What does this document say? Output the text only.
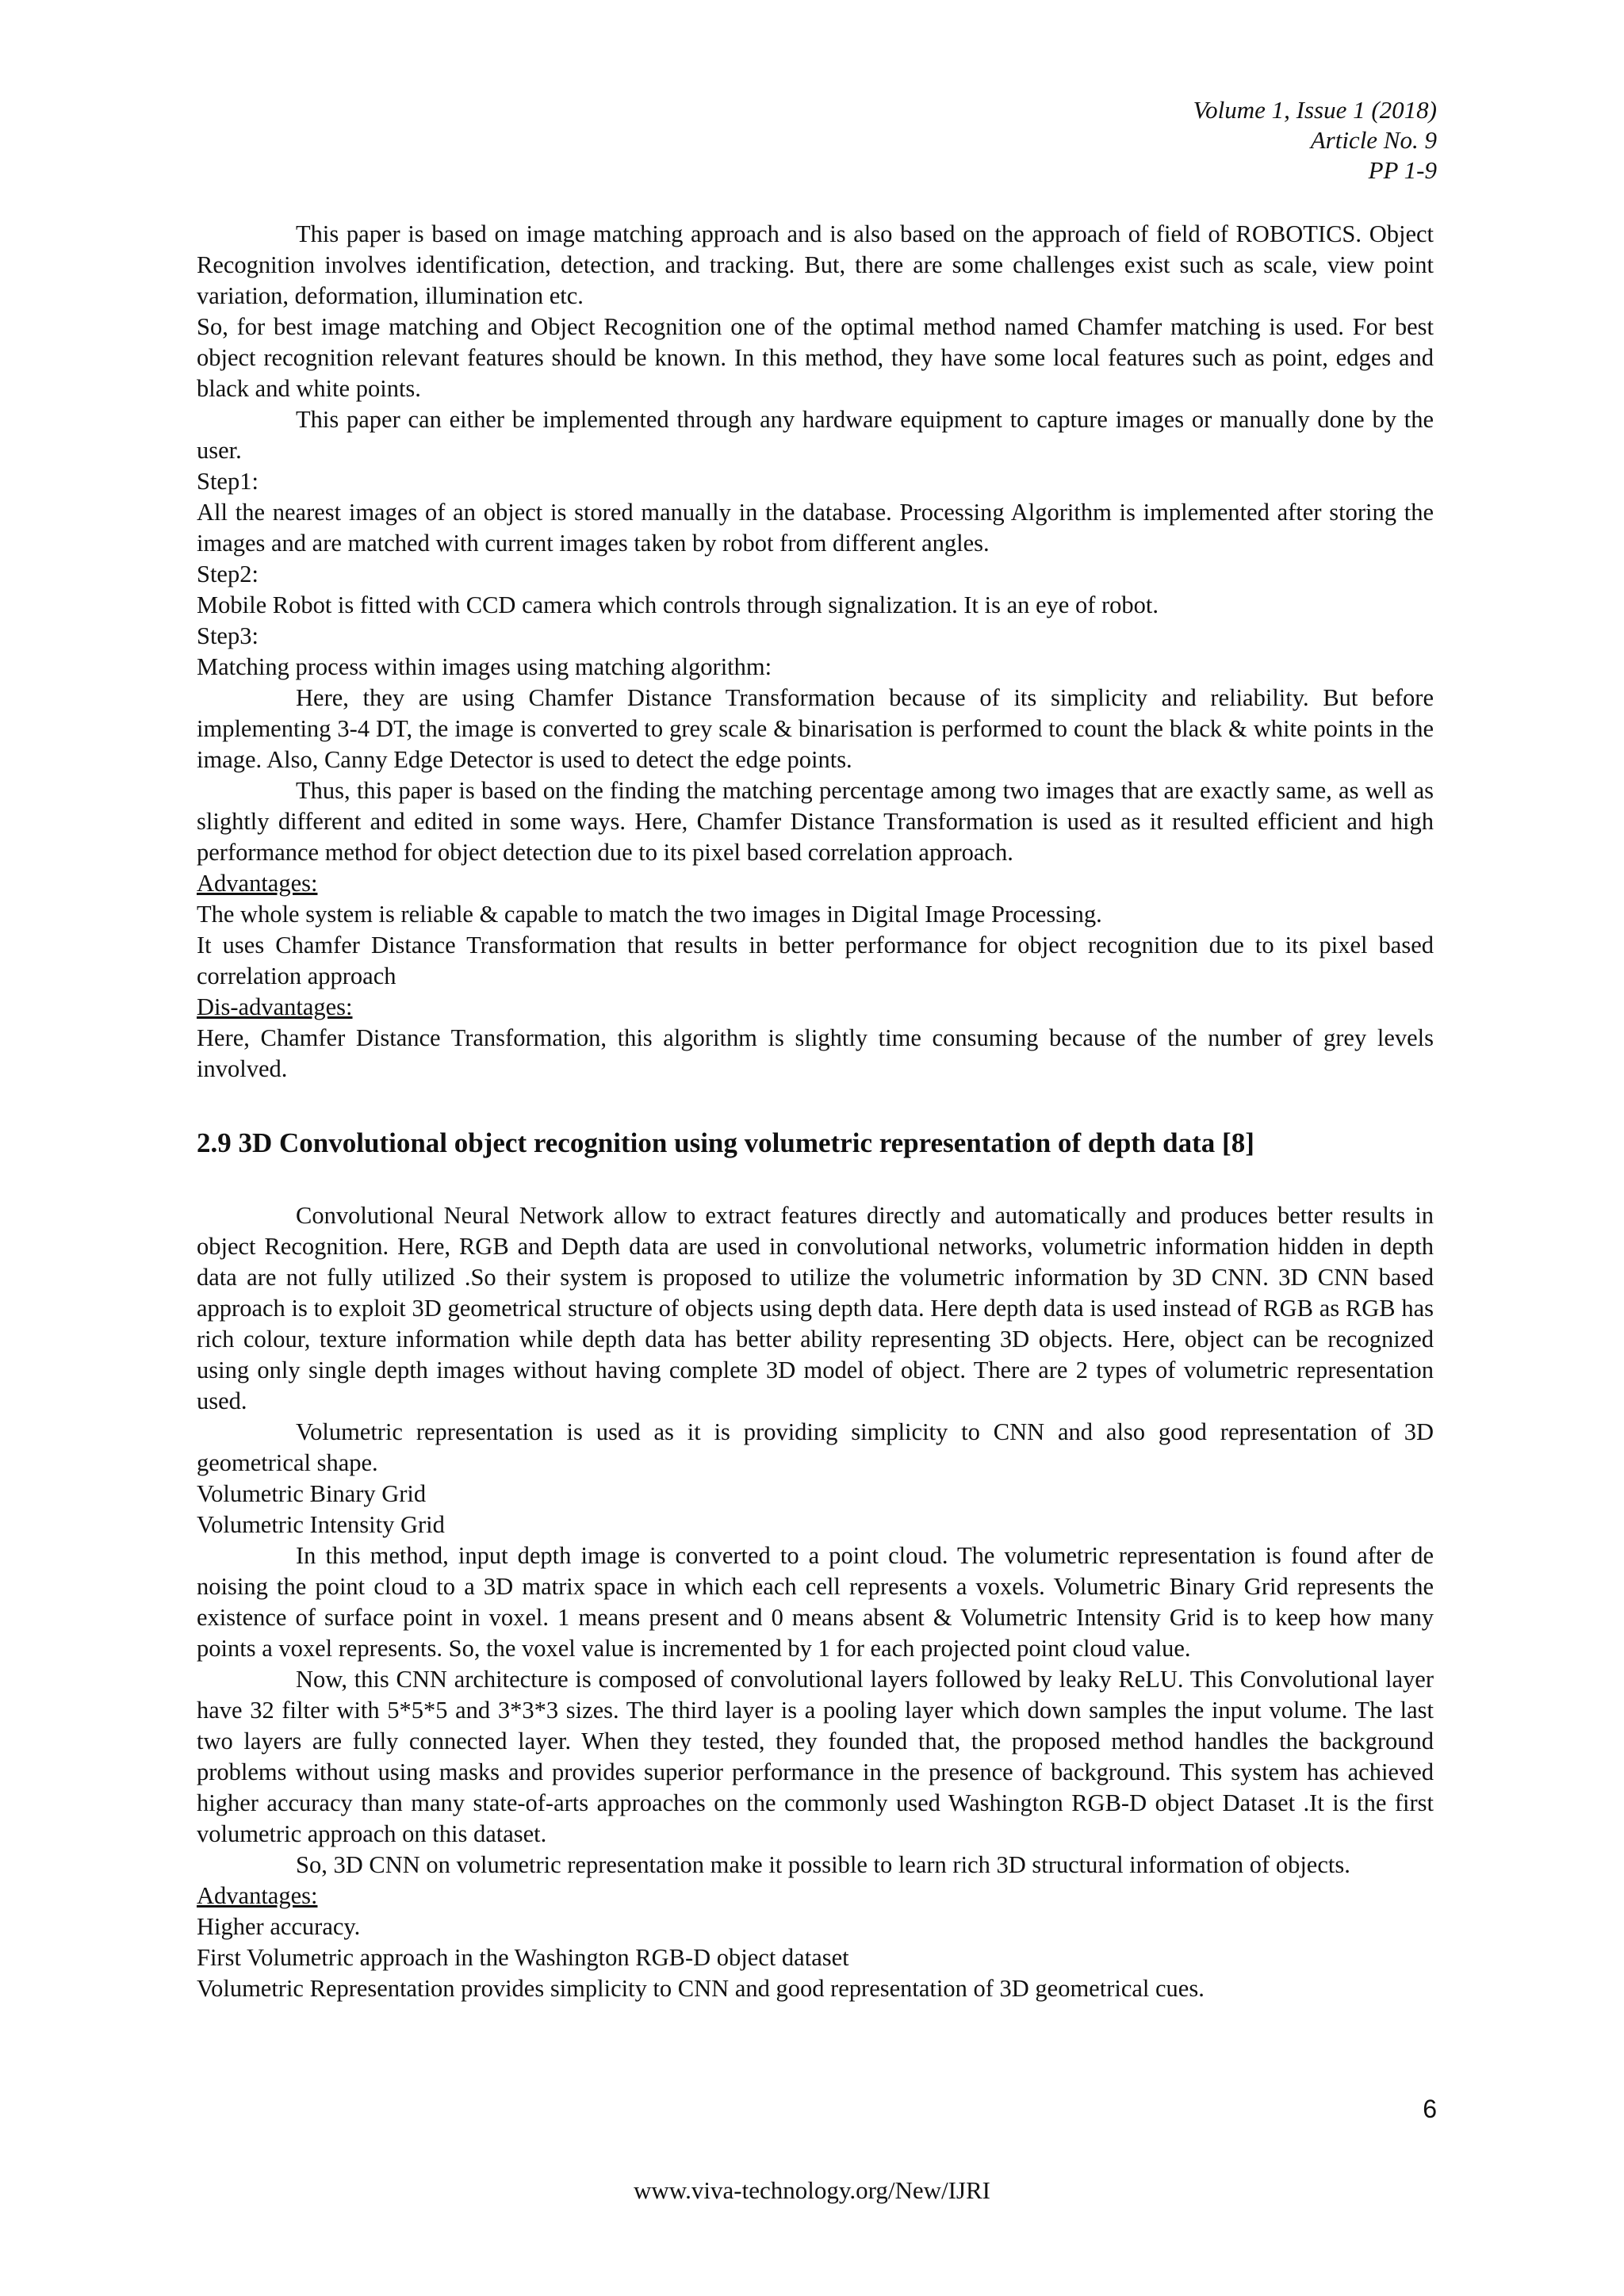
Volume 1, Issue 1 (2018)
Article No. 9
PP 1-9

This paper is based on image matching approach and is also based on the approach of field of ROBOTICS. Object Recognition involves identification, detection, and tracking. But, there are some challenges exist such as scale, view point variation, deformation, illumination etc.

So, for best image matching and Object Recognition one of the optimal method named Chamfer matching is used. For best object recognition relevant features should be known. In this method, they have some local features such as point, edges and black and white points.

This paper can either be implemented through any hardware equipment to capture images or manually done by the user.

Step1:

All the nearest images of an object is stored manually in the database. Processing Algorithm is implemented after storing the images and are matched with current images taken by robot from different angles.

Step2:

Mobile Robot is fitted with CCD camera which controls through signalization. It is an eye of robot.

Step3:

Matching process within images using matching algorithm:

Here, they are using Chamfer Distance Transformation because of its simplicity and reliability. But before implementing 3-4 DT, the image is converted to grey scale & binarisation is performed to count the black & white points in the image. Also, Canny Edge Detector is used to detect the edge points.

Thus, this paper is based on the finding the matching percentage among two images that are exactly same, as well as slightly different and edited in some ways. Here, Chamfer Distance Transformation is used as it resulted efficient and high performance method for object detection due to its pixel based correlation approach.

Advantages:

The whole system is reliable & capable to match the two images in Digital Image Processing.

It uses Chamfer Distance Transformation that results in better performance for object recognition due to its pixel based correlation approach

Dis-advantages:

Here, Chamfer Distance Transformation, this algorithm is slightly time consuming because of the number of grey levels involved.

2.9 3D Convolutional object recognition using volumetric representation of depth data [8]

Convolutional Neural Network allow to extract features directly and automatically and produces better results in object Recognition. Here, RGB and Depth data are used in convolutional networks, volumetric information hidden in depth data are not fully utilized .So their system is proposed to utilize the volumetric information by 3D CNN. 3D CNN based approach is to exploit 3D geometrical structure of objects using depth data. Here depth data is used instead of RGB as RGB has rich colour, texture information while depth data has better ability representing 3D objects. Here, object can be recognized using only single depth images without having complete 3D model of object. There are 2 types of volumetric representation used.

Volumetric representation is used as it is providing simplicity to CNN and also good representation of 3D geometrical shape.

Volumetric Binary Grid

Volumetric Intensity Grid

In this method, input depth image is converted to a point cloud. The volumetric representation is found after de noising the point cloud to a 3D matrix space in which each cell represents a voxels. Volumetric Binary Grid represents the existence of surface point in voxel. 1 means present and 0 means absent & Volumetric Intensity Grid is to keep how many points a voxel represents. So, the voxel value is incremented by 1 for each projected point cloud value.

Now, this CNN architecture is composed of convolutional layers followed by leaky ReLU. This Convolutional layer have 32 filter with 5*5*5 and 3*3*3 sizes. The third layer is a pooling layer which down samples the input volume. The last two layers are fully connected layer. When they tested, they founded that, the proposed method handles the background problems without using masks and provides superior performance in the presence of background. This system has achieved higher accuracy than many state-of-arts approaches on the commonly used Washington RGB-D object Dataset .It is the first volumetric approach on this dataset.

So, 3D CNN on volumetric representation make it possible to learn rich 3D structural information of objects.

Advantages:

Higher accuracy.

First Volumetric approach in the Washington RGB-D object dataset

Volumetric Representation provides simplicity to CNN and good representation of 3D geometrical cues.

6
www.viva-technology.org/New/IJRI
